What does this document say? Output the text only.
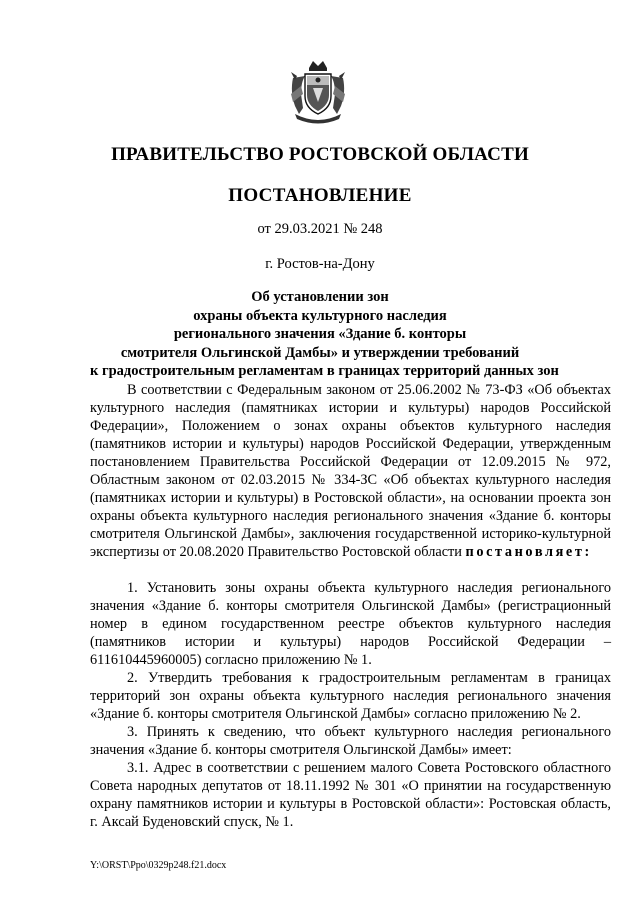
ПРАВИТЕЛЬСТВО РОСТОВСКОЙ ОБЛАСТИ
ПОСТАНОВЛЕНИЕ
от 29.03.2021 № 248
г. Ростов-на-Дону
Об установлении зон
охраны объекта культурного наследия
регионального значения «Здание б. конторы
смотрителя Ольгинской Дамбы» и утверждении требований
к градостроительным регламентам в границах территорий данных зон

В соответствии с Федеральным законом от 25.06.2002 № 73-ФЗ «Об объектах культурного наследия (памятниках истории и культуры) народов Российской Федерации», Положением о зонах охраны объектов культурного наследия (памятников истории и культуры) народов Российской Федерации, утвержденным постановлением Правительства Российской Федерации от 12.09.2015 № 972, Областным законом от 02.03.2015 № 334-ЗС «Об объектах культурного наследия (памятниках истории и культуры) в Ростовской области», на основании проекта зон охраны объекта культурного наследия регионального значения «Здание б. конторы смотрителя Ольгинской Дамбы», заключения государственной историко-культурной экспертизы от 20.08.2020 Правительство Ростовской области постановляет:

1. Установить зоны охраны объекта культурного наследия регионального значения «Здание б. конторы смотрителя Ольгинской Дамбы» (регистрационный номер в едином государственном реестре объектов культурного наследия (памятников истории и культуры) народов Российской Федерации – 611610445960005) согласно приложению № 1.

2. Утвердить требования к градостроительным регламентам в границах территорий зон охраны объекта культурного наследия регионального значения «Здание б. конторы смотрителя Ольгинской Дамбы» согласно приложению № 2.

3. Принять к сведению, что объект культурного наследия регионального значения «Здание б. конторы смотрителя Ольгинской Дамбы» имеет:

3.1. Адрес в соответствии с решением малого Совета Ростовского областного Совета народных депутатов от 18.11.1992 № 301 «О принятии на государственную охрану памятников истории и культуры в Ростовской области»: Ростовская область, г. Аксай Буденовский спуск, № 1.

Y:\ORST\Ppo\0329p248.f21.docx
